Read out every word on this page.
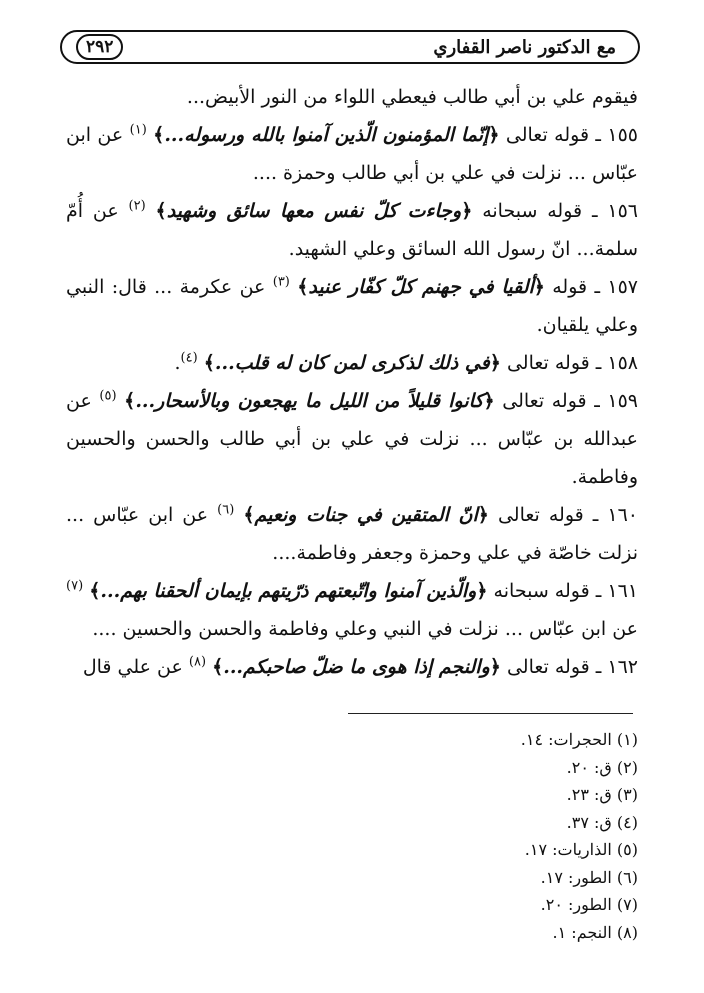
مع الدكتور ناصر القفاري
٢٩٢

فيقوم علي بن أبي طالب فيعطي اللواء من النور الأبيض...

١٥٥ ـ قوله تعالى ﴿إنّما المؤمنون الّذين آمنوا بالله ورسوله...﴾ $^{(١)}$ عن ابن عبّاس ... نزلت في علي بن أبي طالب وحمزة ....

١٥٦ ـ قوله سبحانه ﴿وجاءت كلّ نفس معها سائق وشهيد﴾ $^{(٢)}$ عن أُمّ سلمة... انّ رسول الله السائق وعلي الشهيد.

١٥٧ ـ قوله ﴿ألقيا في جهنم كلّ كفّار عنيد﴾ $^{(٣)}$ عن عكرمة ... قال: النبي وعلي يلقيان.

١٥٨ ـ قوله تعالى ﴿في ذلك لذكرى لمن كان له قلب...﴾ $^{(٤)}$.

١٥٩ ـ قوله تعالى ﴿كانوا قليلاً من الليل ما يهجعون وبالأسحار...﴾ $^{(٥)}$ عن عبدالله بن عبّاس ... نزلت في علي بن أبي طالب والحسن والحسين وفاطمة.

١٦٠ ـ قوله تعالى ﴿انّ المتقين في جنات ونعيم﴾ $^{(٦)}$ عن ابن عبّاس ... نزلت خاصّة في علي وحمزة وجعفر وفاطمة....

١٦١ ـ قوله سبحانه ﴿والّذين آمنوا واتّبعتهم ذرّيتهم بإيمان ألحقنا بهم...﴾ $^{(٧)}$ عن ابن عبّاس ... نزلت في النبي وعلي وفاطمة والحسن والحسين ....

١٦٢ ـ قوله تعالى ﴿والنجم إذا هوى ما ضلّ صاحبكم...﴾ $^{(٨)}$ عن علي قال

(١) الحجرات: ١٤.

(٢) ق: ٢٠.

(٣) ق: ٢٣.

(٤) ق: ٣٧.

(٥) الذاريات: ١٧.

(٦) الطور: ١٧.

(٧) الطور: ٢٠.

(٨) النجم: ١.
